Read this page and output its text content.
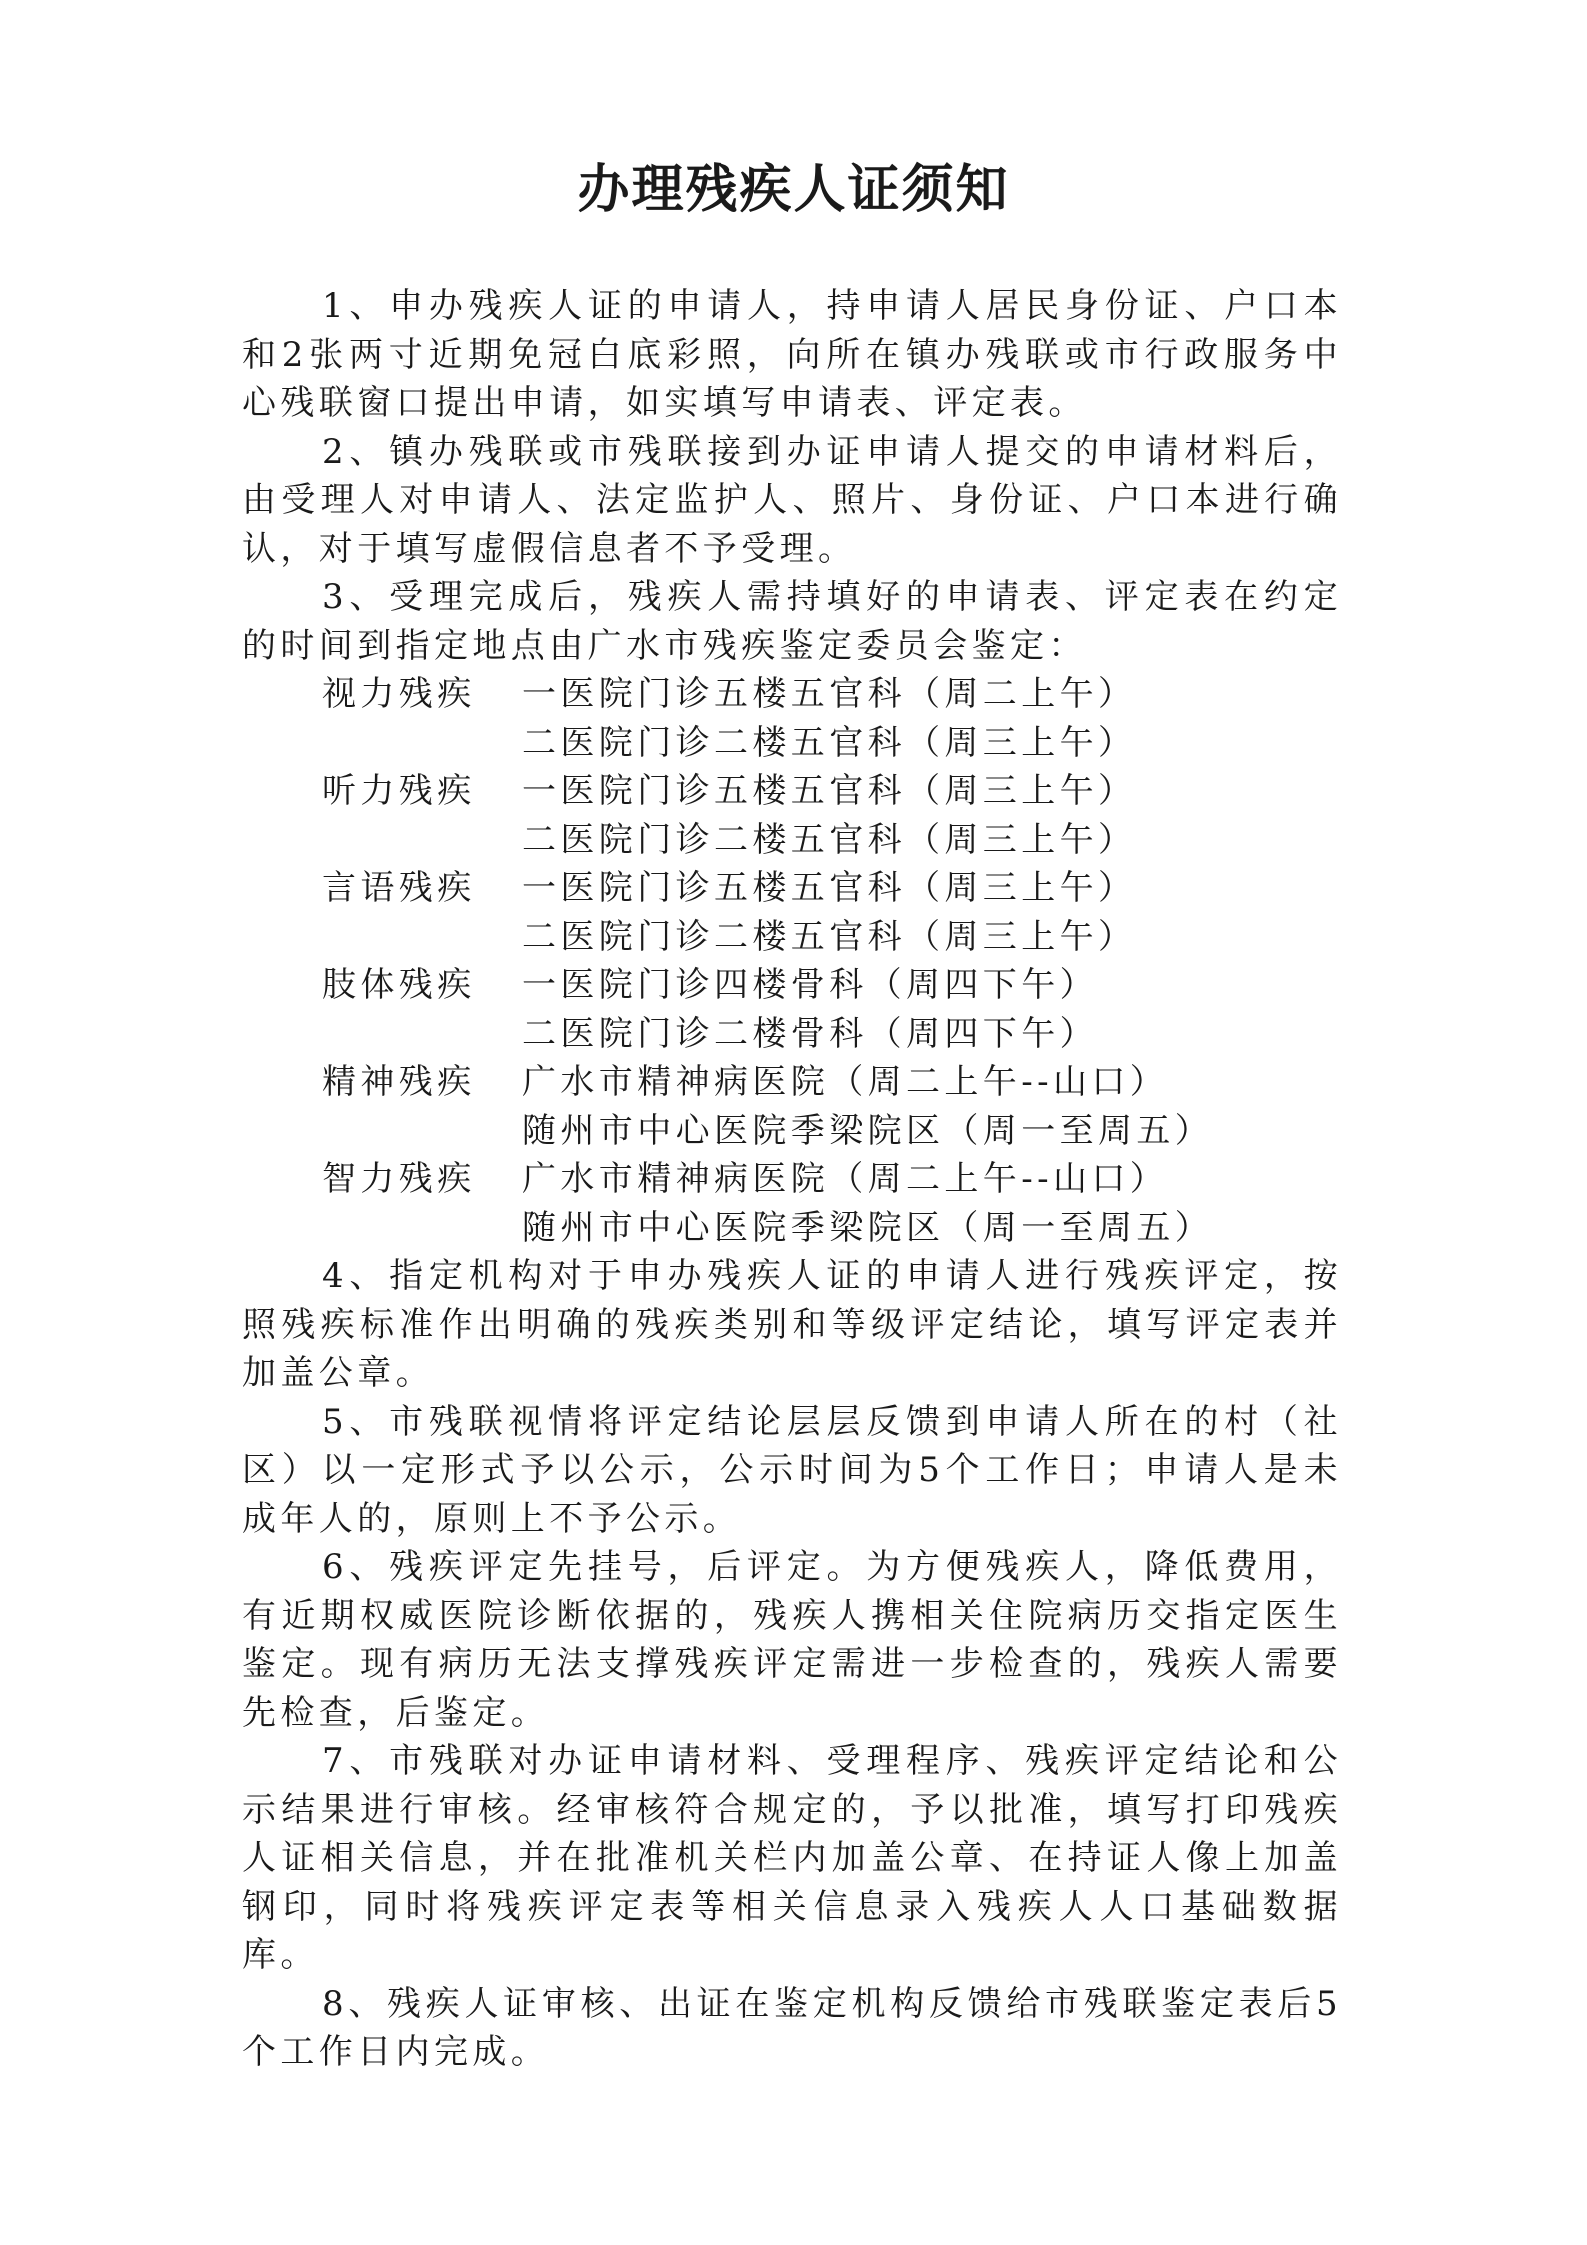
办理残疾人证须知

1、申办残疾人证的申请人，持申请人居民身份证、户口本和2张两寸近期免冠白底彩照，向所在镇办残联或市行政服务中心残联窗口提出申请，如实填写申请表、评定表。

2、镇办残联或市残联接到办证申请人提交的申请材料后，由受理人对申请人、法定监护人、照片、身份证、户口本进行确认，对于填写虚假信息者不予受理。

3、受理完成后，残疾人需持填好的申请表、评定表在约定的时间到指定地点由广水市残疾鉴定委员会鉴定：

视力残疾	一医院门诊五楼五官科（周二上午）
二医院门诊二楼五官科（周三上午）
听力残疾	一医院门诊五楼五官科（周三上午）
二医院门诊二楼五官科（周三上午）
言语残疾	一医院门诊五楼五官科（周三上午）
二医院门诊二楼五官科（周三上午）
肢体残疾	一医院门诊四楼骨科（周四下午）
二医院门诊二楼骨科（周四下午）
精神残疾	广水市精神病医院（周二上午--山口）
随州市中心医院季梁院区（周一至周五）
智力残疾	广水市精神病医院（周二上午--山口）
随州市中心医院季梁院区（周一至周五）

4、指定机构对于申办残疾人证的申请人进行残疾评定，按照残疾标准作出明确的残疾类别和等级评定结论，填写评定表并加盖公章。

5、市残联视情将评定结论层层反馈到申请人所在的村（社区）以一定形式予以公示，公示时间为5个工作日；申请人是未成年人的，原则上不予公示。

6、残疾评定先挂号，后评定。为方便残疾人，降低费用，有近期权威医院诊断依据的，残疾人携相关住院病历交指定医生鉴定。现有病历无法支撑残疾评定需进一步检查的，残疾人需要先检查，后鉴定。

7、市残联对办证申请材料、受理程序、残疾评定结论和公示结果进行审核。经审核符合规定的，予以批准，填写打印残疾人证相关信息，并在批准机关栏内加盖公章、在持证人像上加盖钢印，同时将残疾评定表等相关信息录入残疾人人口基础数据库。

8、残疾人证审核、出证在鉴定机构反馈给市残联鉴定表后5个工作日内完成。
